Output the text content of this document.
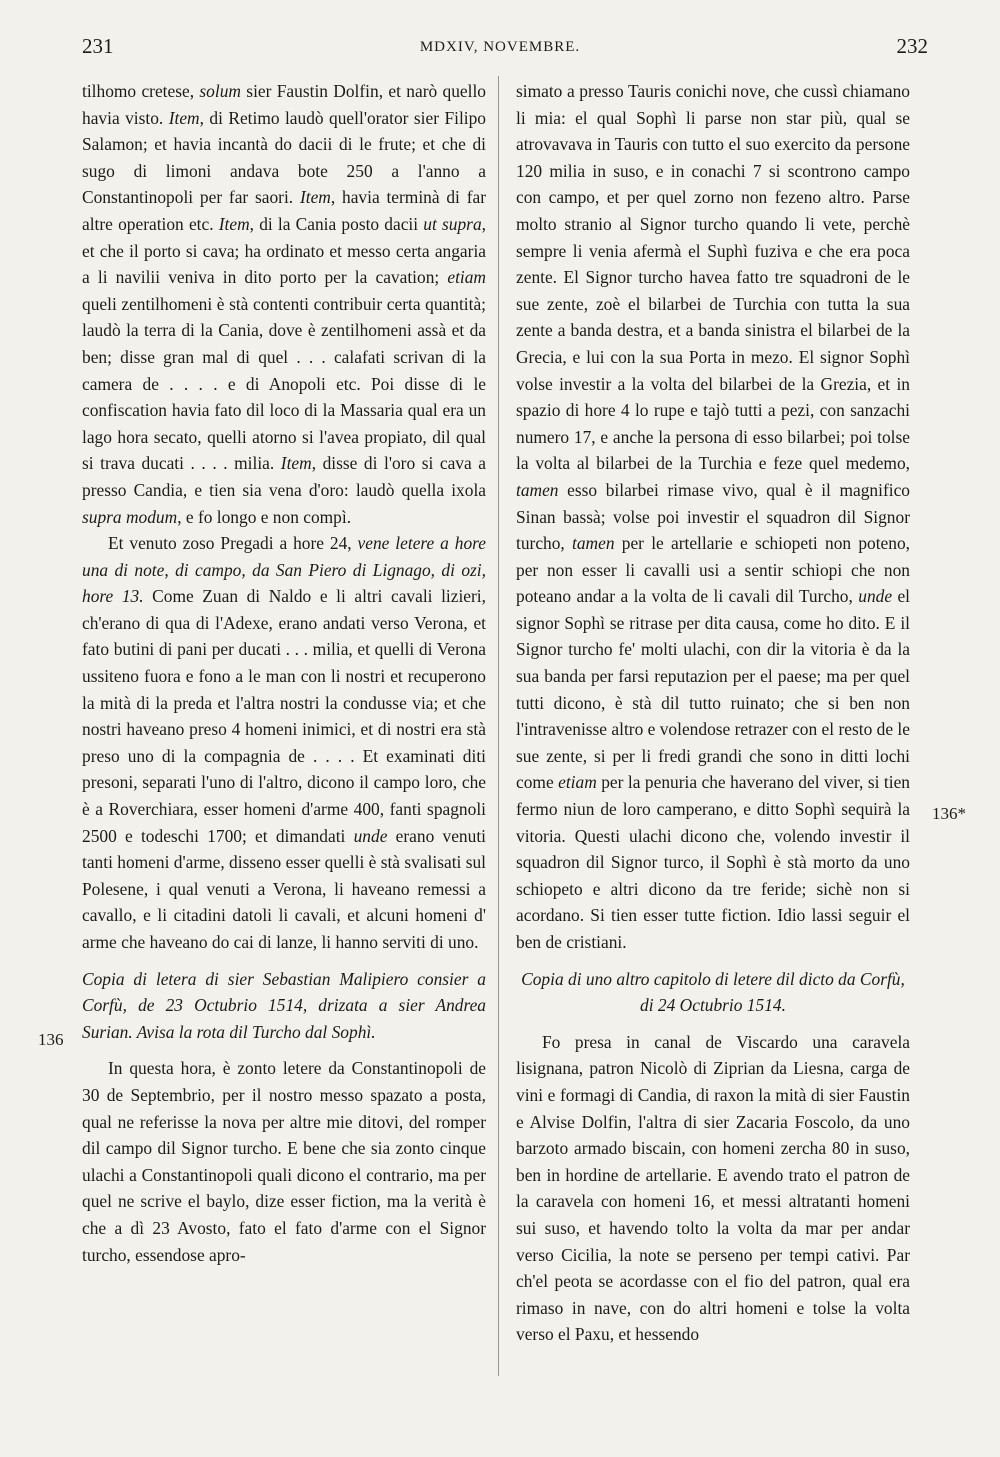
231	MDXIV, NOVEMBRE.	232
136
136*

tilhomo cretese, solum sier Faustin Dolfin, et narò quello havia visto. Item, di Retimo laudò quell'orator sier Filipo Salamon; et havia incantà do dacii di le frute; et che di sugo di limoni andava bote 250 a l'anno a Constantinopoli per far saori. Item, havia terminà di far altre operation etc. Item, di la Cania posto dacii ut supra, et che il porto si cava; ha ordinato et messo certa angaria a li navilii veniva in dito porto per la cavation; etiam queli zentilhomeni è stà contenti contribuir certa quantità; laudò la terra di la Cania, dove è zentilhomeni assà et da ben; disse gran mal di quel . . . calafati scrivan di la camera de . . . . e di Anopoli etc. Poi disse di le confiscation havia fato dil loco di la Massaria qual era un lago hora secato, quelli atorno si l'avea propiato, dil qual si trava ducati . . . . milia. Item, disse di l'oro si cava a presso Candia, e tien sia vena d'oro: laudò quella ixola supra modum, e fo longo e non compì.

Et venuto zoso Pregadi a hore 24, vene letere a hore una di note, di campo, da San Piero di Lignago, di ozi, hore 13. Come Zuan di Naldo e li altri cavali lizieri, ch'erano di qua di l'Adexe, erano andati verso Verona, et fato butini di pani per ducati . . . milia, et quelli di Verona ussiteno fuora e fono a le man con li nostri et recuperono la mità di la preda et l'altra nostri la condusse via; et che nostri haveano preso 4 homeni inimici, et di nostri era stà preso uno di la compagnia de . . . . Et examinati diti presoni, separati l'uno di l'altro, dicono il campo loro, che è a Roverchiara, esser homeni d'arme 400, fanti spagnoli 2500 e todeschi 1700; et dimandati unde erano venuti tanti homeni d'arme, disseno esser quelli è stà svalisati sul Polesene, i qual venuti a Verona, li haveano remessi a cavallo, e li citadini datoli li cavali, et alcuni homeni d' arme che haveano do cai di lanze, li hanno serviti di uno.

Copia di letera di sier Sebastian Malipiero consier a Corfù, de 23 Octubrio 1514, drizata a sier Andrea Surian. Avisa la rota dil Turcho dal Sophì.

In questa hora, è zonto letere da Constantinopoli de 30 de Septembrio, per il nostro messo spazato a posta, qual ne referisse la nova per altre mie ditovi, del romper dil campo dil Signor turcho. E bene che sia zonto cinque ulachi a Constantinopoli quali dicono el contrario, ma per quel ne scrive el baylo, dize esser fiction, ma la verità è che a dì 23 Avosto, fato el fato d'arme con el Signor turcho, essendose apro-

simato a presso Tauris conichi nove, che cussì chiamano li mia: el qual Sophì li parse non star più, qual se atrovavava in Tauris con tutto el suo exercito da persone 120 milia in suso, e in conachi 7 si scontrono campo con campo, et per quel zorno non fezeno altro. Parse molto stranio al Signor turcho quando li vete, perchè sempre li venia afermà el Suphì fuziva e che era poca zente. El Signor turcho havea fatto tre squadroni de le sue zente, zoè el bilarbei de Turchia con tutta la sua zente a banda destra, et a banda sinistra el bilarbei de la Grecia, e lui con la sua Porta in mezo. El signor Sophì volse investir a la volta del bilarbei de la Grezia, et in spazio di hore 4 lo rupe e tajò tutti a pezi, con sanzachi numero 17, e anche la persona di esso bilarbei; poi tolse la volta al bilarbei de la Turchia e feze quel medemo, tamen esso bilarbei rimase vivo, qual è il magnifico Sinan bassà; volse poi investir el squadron dil Signor turcho, tamen per le artellarie e schiopeti non poteno, per non esser li cavalli usi a sentir schiopi che non poteano andar a la volta de li cavali dil Turcho, unde el signor Sophì se ritrase per dita causa, come ho dito. E il Signor turcho fe' molti ulachi, con dir la vitoria è da la sua banda per farsi reputazion per el paese; ma per quel tutti dicono, è stà dil tutto ruinato; che si ben non l'intravenisse altro e volendose retrazer con el resto de le sue zente, si per li fredi grandi che sono in ditti lochi come etiam per la penuria che haverano del viver, si tien fermo niun de loro camperano, e ditto Sophì sequirà la vitoria. Questi ulachi dicono che, volendo investir il squadron dil Signor turco, il Sophì è stà morto da uno schiopeto e altri dicono da tre feride; sichè non si acordano. Si tien esser tutte fiction. Idio lassi seguir el ben de cristiani.

Copia di uno altro capitolo di letere dil dicto da Corfù, di 24 Octubrio 1514.

Fo presa in canal de Viscardo una caravela lisignana, patron Nicolò di Ziprian da Liesna, carga de vini e formagi di Candia, di raxon la mità di sier Faustin e Alvise Dolfin, l'altra di sier Zacaria Foscolo, da uno barzoto armado biscain, con homeni zercha 80 in suso, ben in hordine de artellarie. E avendo trato el patron de la caravela con homeni 16, et messi altratanti homeni sui suso, et havendo tolto la volta da mar per andar verso Cicilia, la note se perseno per tempi cativi. Par ch'el peota se acordasse con el fio del patron, qual era rimaso in nave, con do altri homeni e tolse la volta verso el Paxu, et hessendo
